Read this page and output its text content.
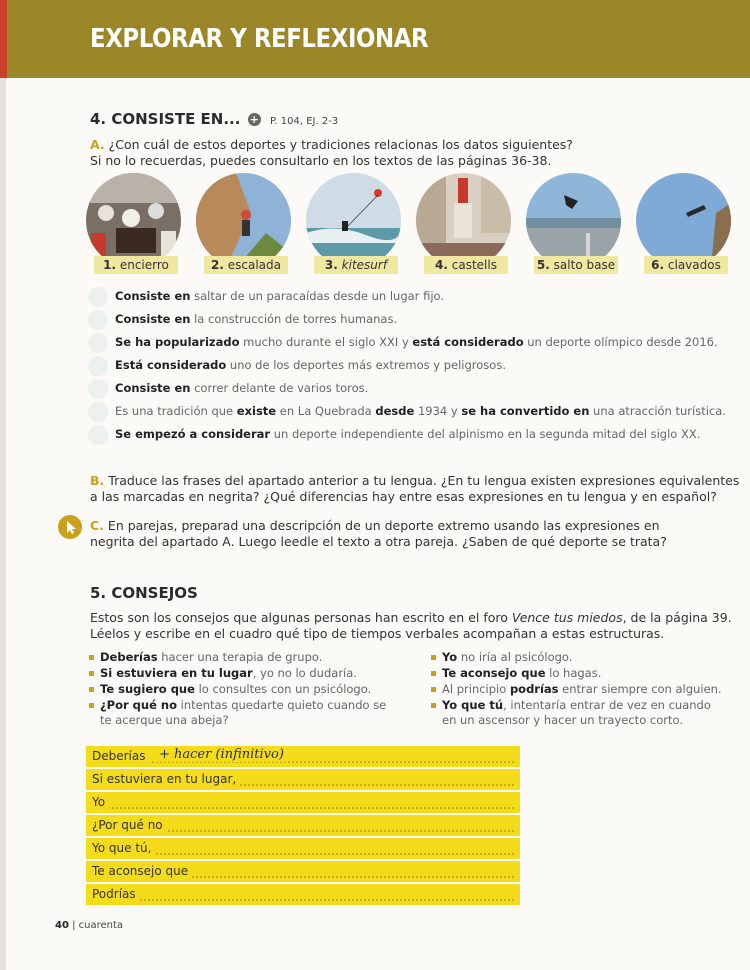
EXPLORAR Y REFLEXIONAR
4. CONSISTE EN... + P. 104, EJ. 2-3
A. ¿Con cuál de estos deportes y tradiciones relacionas los datos siguientes?
Si no lo recuerdas, puedes consultarlo en los textos de las páginas 36-38.
1. encierro	2. escalada	3. kitesurf	4. castells	5. salto base	6. clavados
Consiste en saltar de un paracaídas desde un lugar fijo.
Consiste en la construcción de torres humanas.
Se ha popularizado mucho durante el siglo XXI y está considerado un deporte olímpico desde 2016.
Está considerado uno de los deportes más extremos y peligrosos.
Consiste en correr delante de varios toros.
Es una tradición que existe en La Quebrada desde 1934 y se ha convertido en una atracción turística.
Se empezó a considerar un deporte independiente del alpinismo en la segunda mitad del siglo XX.
B. Traduce las frases del apartado anterior a tu lengua. ¿En tu lengua existen expresiones equivalentes
a las marcadas en negrita? ¿Qué diferencias hay entre esas expresiones en tu lengua y en español?
C. En parejas, preparad una descripción de un deporte extremo usando las expresiones en
negrita del apartado A. Luego leedle el texto a otra pareja. ¿Saben de qué deporte se trata?
5. CONSEJOS
Estos son los consejos que algunas personas han escrito en el foro Vence tus miedos, de la página 39.
Léelos y escribe en el cuadro qué tipo de tiempos verbales acompañan a estas estructuras.
Deberías hacer una terapia de grupo.
Si estuviera en tu lugar, yo no lo dudaría.
Te sugiero que lo consultes con un psicólogo.
¿Por qué no intentas quedarte quieto cuando se te acerque una abeja?
Yo no iría al psicólogo.
Te aconsejo que lo hagas.
Al principio podrías entrar siempre con alguien.
Yo que tú, intentaría entrar de vez en cuando en un ascensor y hacer un trayecto corto.
Deberías	+ hacer (infinitivo)
Si estuviera en tu lugar,
Yo
¿Por qué no
Yo que tú,
Te aconsejo que
Podrías
40 | cuarenta
